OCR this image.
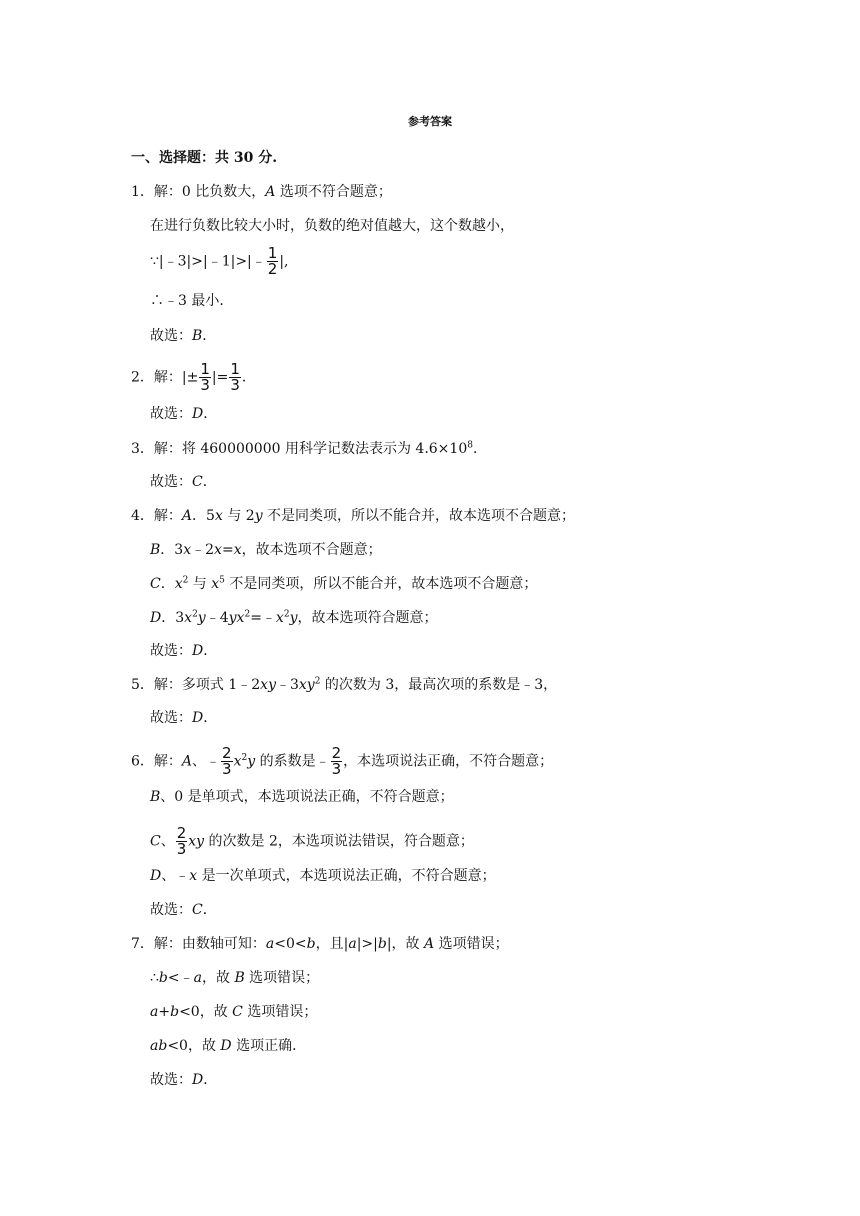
参考答案
一、选择题：共 30 分.
1．解：0 比负数大，A 选项不符合题意；
在进行负数比较大小时，负数的绝对值越大，这个数越小，
∵|﹣3|>|﹣1|>|﹣ $\frac{1}{2}$ |,
∴﹣3 最小．
故选：B．
2．解：|± $\frac{1}{3}$ |= $\frac{1}{3}$ ．
故选：D．
3．解：将 460000000 用科学记数法表示为 $4.6\times 10^8$．
故选：C．
4．解：A．5x 与 2y 不是同类项，所以不能合并，故本选项不合题意；
B．3x﹣2x=x，故本选项不合题意；
C．$x^2$ 与 $x^5$ 不是同类项，所以不能合并，故本选项不合题意；
D．$3x^2y﹣4yx^2=﹣x^2y$，故本选项符合题意；
故选：D．
5．解：多项式 $1﹣2xy﹣3xy^2$ 的次数为 3，最高次项的系数是﹣3，
故选：D．
6．解：A、﹣ $\frac{2}{3} x^2y$ 的系数是﹣ $\frac{2}{3}$ ，本选项说法正确，不符合题意；
B、0 是单项式，本选项说法正确，不符合题意；
C、 $\frac{2}{3}$ xy 的次数是 2，本选项说法错误，符合题意；
D、﹣x 是一次单项式，本选项说法正确，不符合题意；
故选：C．
7．解：由数轴可知：a<0<b，且|a|>|b|，故 A 选项错误；
∴b<﹣a，故 B 选项错误；
a+b<0，故 C 选项错误；
ab<0，故 D 选项正确．
故选：D．
